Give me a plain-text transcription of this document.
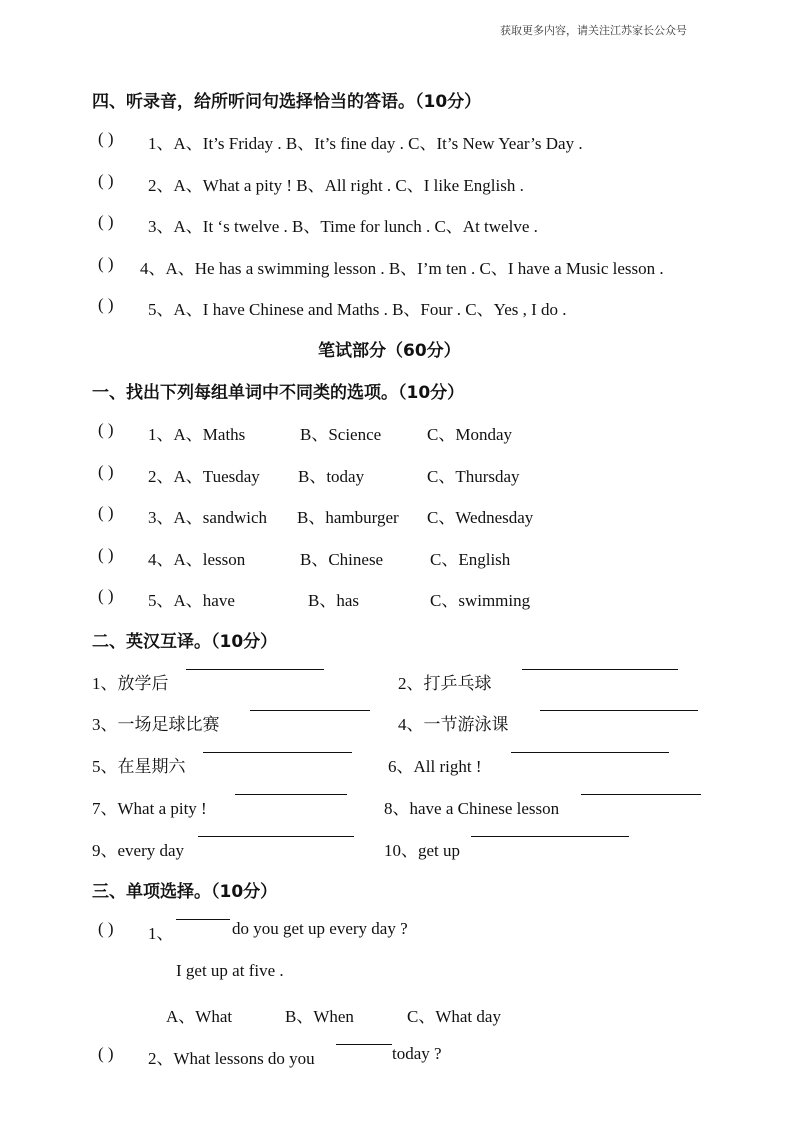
获取更多内容，请关注江苏家长公众号
四、听录音，给所听问句选择恰当的答语。（10分）
( ) 1、A、It’s Friday . B、It’s fine day . C、It’s New Year’s Day .
( ) 2、A、What a pity ! B、All right . C、I like English .
( ) 3、A、It ‘s twelve . B、Time for lunch . C、At twelve .
( ) 4、A、He has a swimming lesson . B、I’m ten . C、I have a Music lesson .
( ) 5、A、I have Chinese and Maths . B、Four . C、Yes , I do .
笔试部分（60分）
一、找出下列每组单词中不同类的选项。（10分）
( ) 1、A、Maths	B、Science	C、Monday
( ) 2、A、Tuesday B、today	C、Thursday
( ) 3、A、sandwich B、hamburger C、Wednesday
( ) 4、A、lesson	B、Chinese	C、English
( ) 5、A、have	B、has	C、swimming
二、英汉互译。（10分）
1、放学后	2、打乒乓球
3、一场足球比赛	4、一节游泳课
5、在星期六	6、All right !
7、What a pity !	8、have a Chinese lesson
9、every day	10、get up
三、单项选择。（10分）
( ) 1、	do you get up every day ?
I get up at five .
A、What	B、When	C、What day
( ) 2、What lessons do you	today ?
